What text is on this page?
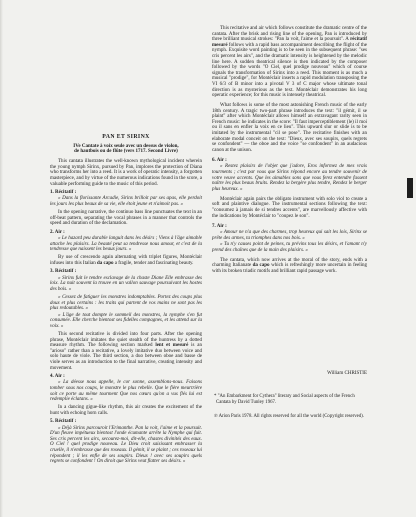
PAN ET SIRINX
IVe Cantate à voix seule avec un dessus de violon,
de hautbois ou de flûte (vers 1717. Second Livre)

This cantata illustrates the well-known mythological incident wherein the young nymph Sirinx, pursued by Pan, implores the protection of Diana who transforms her into a reed. It is a work of operatic intensity, a forgotten masterpiece, and by virtue of the numerous indications found in the score, a valuable performing guide to the music of this period.

1. Récitatif :

« Dans la florissante Arcadie, Sirinx brilloit par ses apas, elle perdoit les jours les plus beaux de sa vie, elle étoit jeune et n'aimoit pas. »

In the opening narrative, the continuo bass line punctuates the text in an off-beat pattern, separating the vocal phrases in a manner that controls the speed and duration of the declamation.

2. Air :

« Le hazard peu durable languit dans les désirs ; Viens à l'âge aimable attache les plaisirs. La beauté peut sa tendresse nous amour, et c'est de la tendresse que naissent les beaux jours. »

By use of crescendo again alternating with triplet figures, Montéclair infuses into this Italian da capo a fragile, tender and fascinating beauty.

3. Récitatif :

« Sirinx fuit le tendre esclavage de la chaste Diane Elle embrasse des loix. La nuit souvent la trouve en un vallon sauvage poursuivant les hostes des bois. »

« Cessez de fatiguer les monstres indomptables. Portez des coups plus doux et plus certains : les traits qui partent de vos mains ne sont pas les plus redoutables. »

« L'âge de tout dompte le sommeil des monstres, la nymphe s'en fut consumée. Elle cherche bientost ses fidelles compagnes, et les attend sur la voix. »

This second recitative is divided into four parts. After the opening phrase, Montéclair imitates the quiet stealth of the huntress by a dotted measure rhythm. The following section marked lent et mesuré is an "arioso" rather than a recitative, a lovely imitative duo between voice and solo haute de viole. The third section, a duo between oboe and basse de viole serves as an introduction to the final narrative, creating intensity and movement.

4. Air :

« La déesse nous appelle, le cor sonne, assemblons-nous. Faisons tomber sous nos coups, le monstre le plus rebelle. Que le fière meurtrière soit ce porte au même tourment Que nos cœurs qu'on a vus flés lui est redemplie éclatans. »

In a dancing gigue-like rhythm, this air creates the excitement of the hunt with echoing horn calls.

5. Récitatif :

« Déjà Sirinx parcouroit l'Erimanthe. Pan la voit, l'aime et la poursuit. D'un fleuve impétueux bientost l'onde écumante arrête la Nymphe qui fuit. Ses cris percent les airs, secourez-moi, dit-elle, chastes divinités des eaux. O Ciel ! quel prodige nouveau. Le Dieu croit saisissant embrasser la cruelle, il n'embrasse que des roseaux. Il gémit, il se plaint ; ces roseaux lui répondent ; il les enfle de ses soupirs. Dieux ! avec ses soupirs quels regrets se confondent ! On diroit que Sirinx veut flatter ses désirs. »

This recitative and air which follows constitute the dramatic centre of the cantata. After the brisk and rising line of the opening, Pan is introduced by three brilliant musical strokes: "Pan la voit, l'aime et la poursuit". A récitatif mesuré follows with a rapid bass accompaniment describing the flight of the nymph. Exquisite word painting is to be seen in the subsequent phrase: "ses cris percent les airs", and the dramatic intensity is heightened by the melodic line here. A sudden theatrical silence is then indicated by the composer followed by the words "O Ciel, quel prodige nouveau" which of course signals the transformation of Sirinx into a reed. This moment is as much a musical "prodige", for Montéclair inserts a rapid modulation transposing the VI 6/3 of B minor into a pivotal V 3 of C major whose ultimate tonal direction is as mysterious as the text. Montéclair demonstrates his long operatic experience; for this music is intensely theatrical.

What follows is some of the most astonishing French music of the early 18th century. A tragic two-part phrase introduces the text: "il gémit, il se plaint" after which Montéclair allows himself an extravagant rarity seen in French music: he indicates in the score: "Il faut imperceptiblement (le) il moi ou il sans en enfler la voix en ce lieu". This upward slur or slide is to be imitated by the instrumental "cil se pose". The recitative finishes with an elaborate modal conceit on the text: "Dieux, avec ses soupirs, quels regrets se confondent" — the oboe and the voice "se confondent" in an audacious canon at the unison.

6. Air :

« Restez plaisirs de l'objet que j'adore, Eros informez de mes vrais tourments ; c'est par vous que Sirinx répond encore au tendre souvenir de votre veuve accents. Que les aimables sons que vous ferez entendre fassent naître les plus beaux bruits. Rendez la bergère plus tendre, Rendez le berger plus heureux. »

Montéclair again pairs the obligato instrument with solo viol to create a soft and plaintive dialogue. The instrumental sections following the text: "consumez à jamais de si tendres accents", are marvellously affective with the indications by Montéclair to "coupez le son".

7. Air :

« Amour ne n'a que des charmes, trop heureux qui sait les lois, Sirinx se prête des armes, ta triomphes dans nos bois. »

« Tu n'y causes point de peines, tu prévins tous les désirs, et l'amant n'y prend des chaînes que de la main des plaisirs. »

The cantata, which now arrives at the moral of the story, ends with a charming Italianate da capo which is refreshingly more uncertain in feeling with its broken triadic motifs and brilliant rapid passage work.

William CHRISTIE
* "An Embarkment for Cythera" literary and Social aspects of the French Cantata by David Tunley 1967.
℗ Arion Paris 1978. All rights reserved for all the world (Copyright reserved).
